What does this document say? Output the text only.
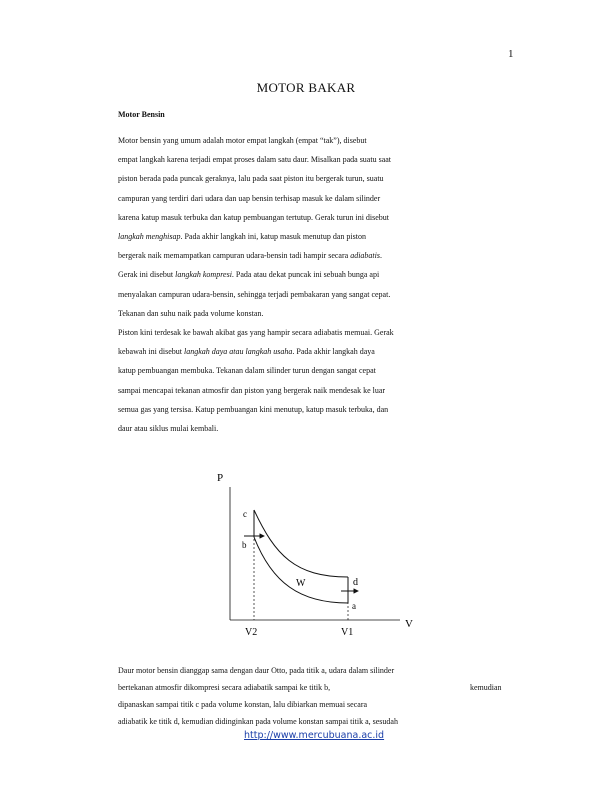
1
MOTOR BAKAR
Motor Bensin
Motor bensin yang umum adalah motor empat langkah (empat “tak”), disebut
empat langkah karena terjadi empat proses dalam satu daur. Misalkan pada suatu saat
piston berada pada puncak geraknya, lalu pada saat piston itu bergerak turun, suatu
campuran yang terdiri dari udara dan uap bensin terhisap masuk ke dalam silinder
karena katup masuk terbuka dan katup pembuangan tertutup. Gerak turun ini disebut
langkah menghisap. Pada akhir langkah ini, katup masuk menutup dan piston
bergerak naik memampatkan campuran udara-bensin tadi hampir secara adiabatis.
Gerak ini disebut langkah kompresi. Pada atau dekat puncak ini sebuah bunga api
menyalakan campuran udara-bensin, sehingga terjadi pembakaran yang sangat cepat.
Tekanan dan suhu naik pada volume konstan.
Piston kini terdesak ke bawah akibat gas yang hampir secara adiabatis memuai. Gerak
kebawah ini disebut langkah daya atau langkah usaha. Pada akhir langkah daya
katup pembuangan membuka. Tekanan dalam silinder turun dengan sangat cepat
sampai mencapai tekanan atmosfir dan piston yang bergerak naik mendesak ke luar
semua gas yang tersisa. Katup pembuangan kini menutup, katup masuk terbuka, dan
daur atau siklus mulai kembali.
P
V
c
b
d
a
W
V2	V1
Daur motor bensin dianggap sama dengan daur Otto, pada titik a, udara dalam silinder
bertekanan atmosfir dikompresi secara adiabatik sampai ke titik b,	kemudian
dipanaskan sampai titik c pada volume konstan, lalu dibiarkan memuai secara
adiabatik ke titik d, kemudian didinginkan pada volume konstan sampai titik a, sesudah
http://www.mercubuana.ac.id
